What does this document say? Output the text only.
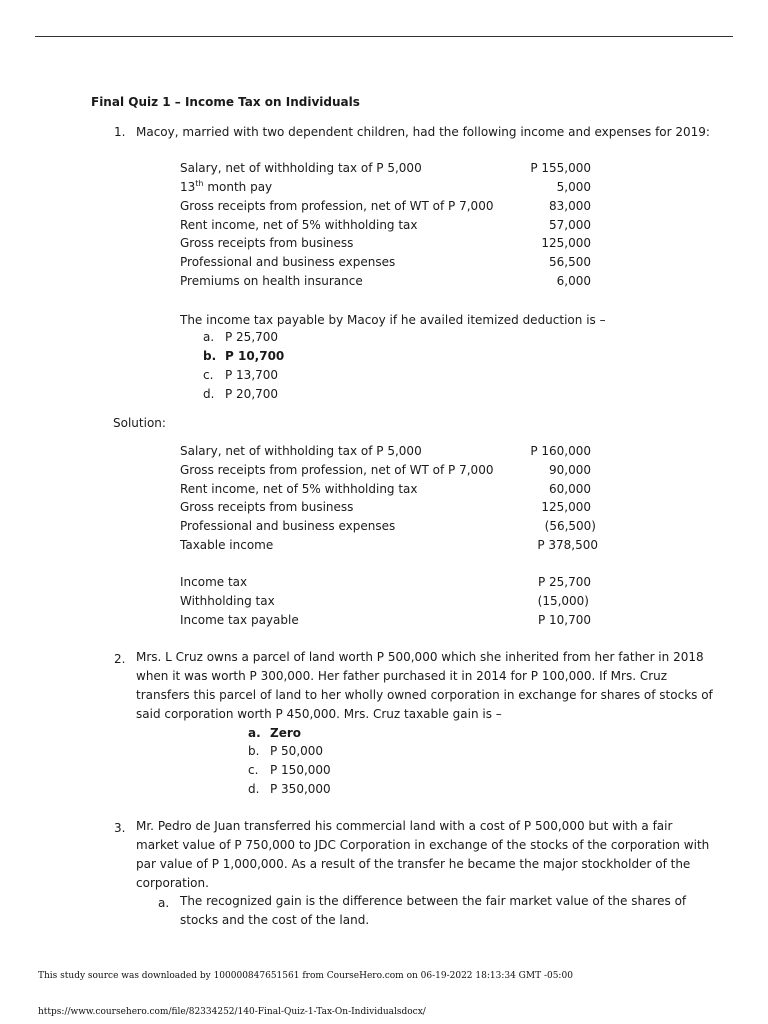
Final Quiz 1 – Income Tax on Individuals
1. Macoy, married with two dependent children, had the following income and expenses for 2019:
Salary, net of withholding tax of P 5,000	P 155,000
13th month pay	5,000
Gross receipts from profession, net of WT of P 7,000	83,000
Rent income, net of 5% withholding tax	57,000
Gross receipts from business	125,000
Professional and business expenses	56,500
Premiums on health insurance	6,000
The income tax payable by Macoy if he availed itemized deduction is –
a. P 25,700
b. P 10,700
c. P 13,700
d. P 20,700
Solution:
Salary, net of withholding tax of P 5,000	P 160,000
Gross receipts from profession, net of WT of P 7,000	90,000
Rent income, net of 5% withholding tax	60,000
Gross receipts from business	125,000
Professional and business expenses	(56,500)
Taxable income	P 378,500
Income tax	P 25,700
Withholding tax	(15,000)
Income tax payable	P 10,700
2. Mrs. L Cruz owns a parcel of land worth P 500,000 which she inherited from her father in 2018
when it was worth P 300,000. Her father purchased it in 2014 for P 100,000. If Mrs. Cruz
transfers this parcel of land to her wholly owned corporation in exchange for shares of stocks of
said corporation worth P 450,000. Mrs. Cruz taxable gain is –
a. Zero
b. P 50,000
c. P 150,000
d. P 350,000
3. Mr. Pedro de Juan transferred his commercial land with a cost of P 500,000 but with a fair
market value of P 750,000 to JDC Corporation in exchange of the stocks of the corporation with
par value of P 1,000,000. As a result of the transfer he became the major stockholder of the
corporation.
a. The recognized gain is the difference between the fair market value of the shares of
stocks and the cost of the land.
This study source was downloaded by 100000847651561 from CourseHero.com on 06-19-2022 18:13:34 GMT -05:00
https://www.coursehero.com/file/82334252/140-Final-Quiz-1-Tax-On-Individualsdocx/
